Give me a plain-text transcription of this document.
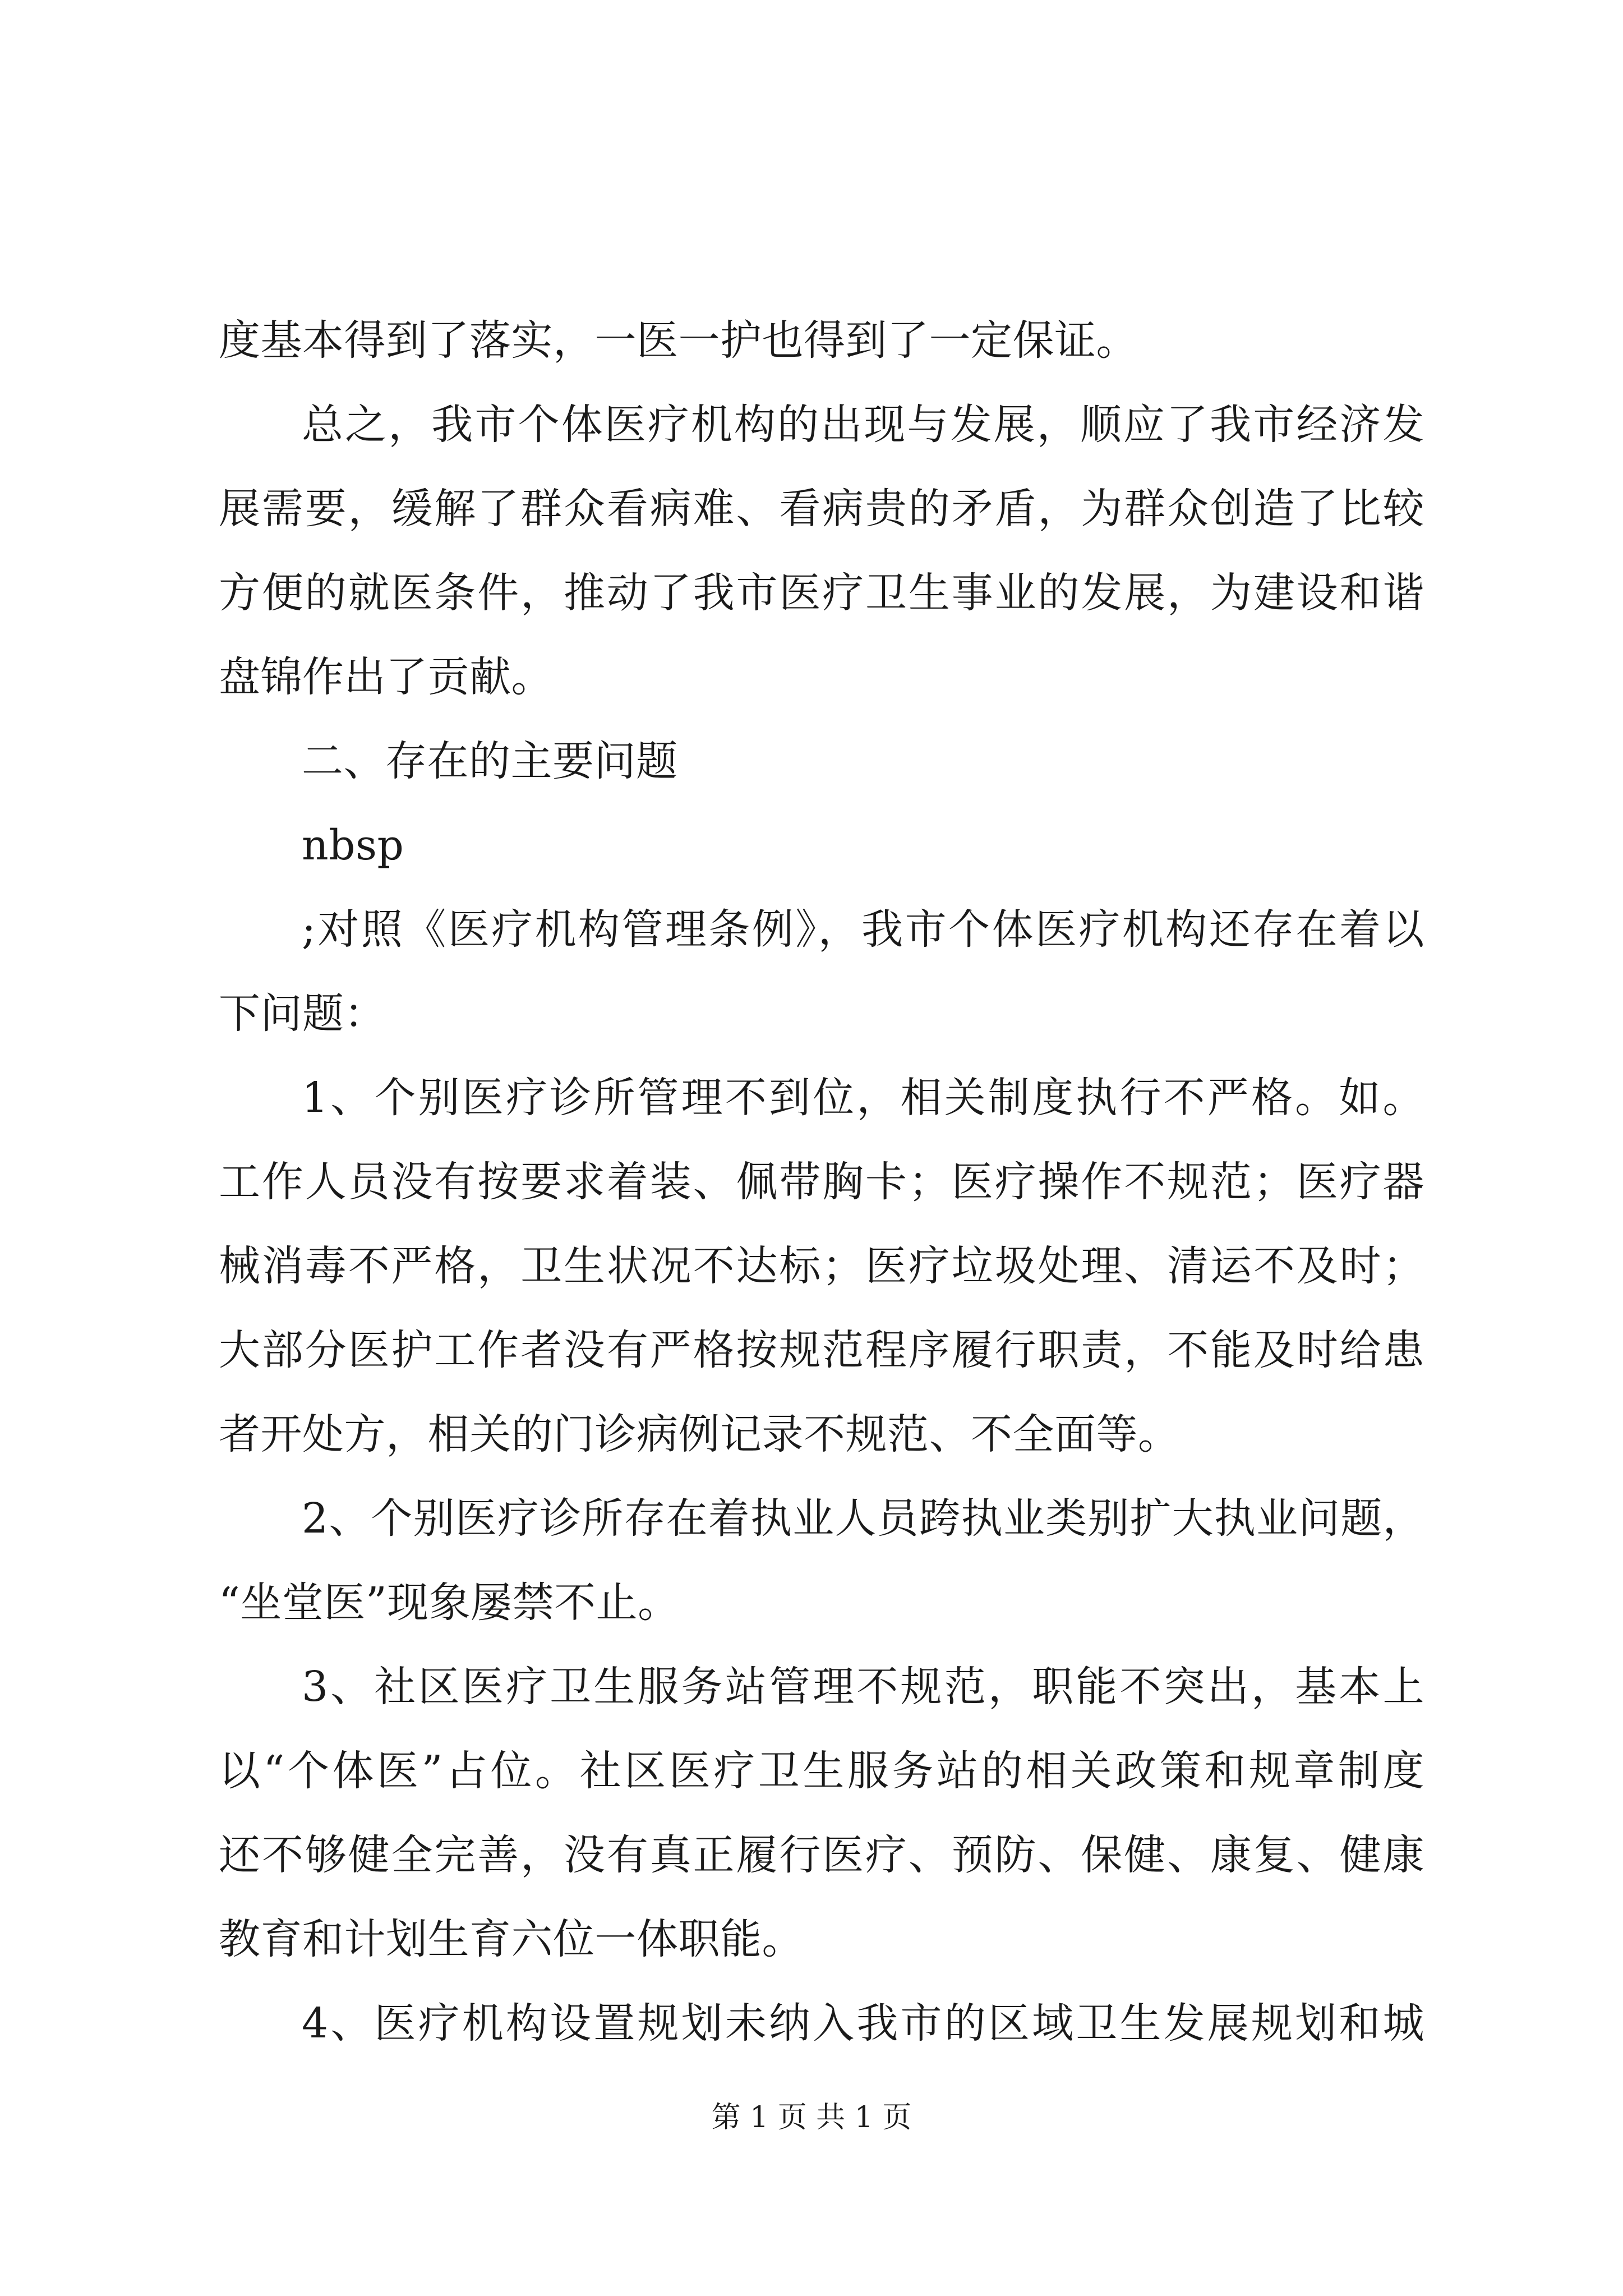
度基本得到了落实，一医一护也得到了一定保证。
总之，我市个体医疗机构的出现与发展，顺应了我市经济发
展需要，缓解了群众看病难、看病贵的矛盾，为群众创造了比较
方便的就医条件，推动了我市医疗卫生事业的发展，为建设和谐
盘锦作出了贡献。
二、存在的主要问题
nbsp
;对照《医疗机构管理条例》，我市个体医疗机构还存在着以
下问题：
1、个别医疗诊所管理不到位，相关制度执行不严格。如。
工作人员没有按要求着装、佩带胸卡；医疗操作不规范；医疗器
械消毒不严格，卫生状况不达标；医疗垃圾处理、清运不及时；
大部分医护工作者没有严格按规范程序履行职责，不能及时给患
者开处方，相关的门诊病例记录不规范、不全面等。
2、个别医疗诊所存在着执业人员跨执业类别扩大执业问题，
“坐堂医”现象屡禁不止。
3、社区医疗卫生服务站管理不规范，职能不突出，基本上
以“个体医”占位。社区医疗卫生服务站的相关政策和规章制度
还不够健全完善，没有真正履行医疗、预防、保健、康复、健康
教育和计划生育六位一体职能。
4、医疗机构设置规划未纳入我市的区域卫生发展规划和城
第 1 页 共 1 页
